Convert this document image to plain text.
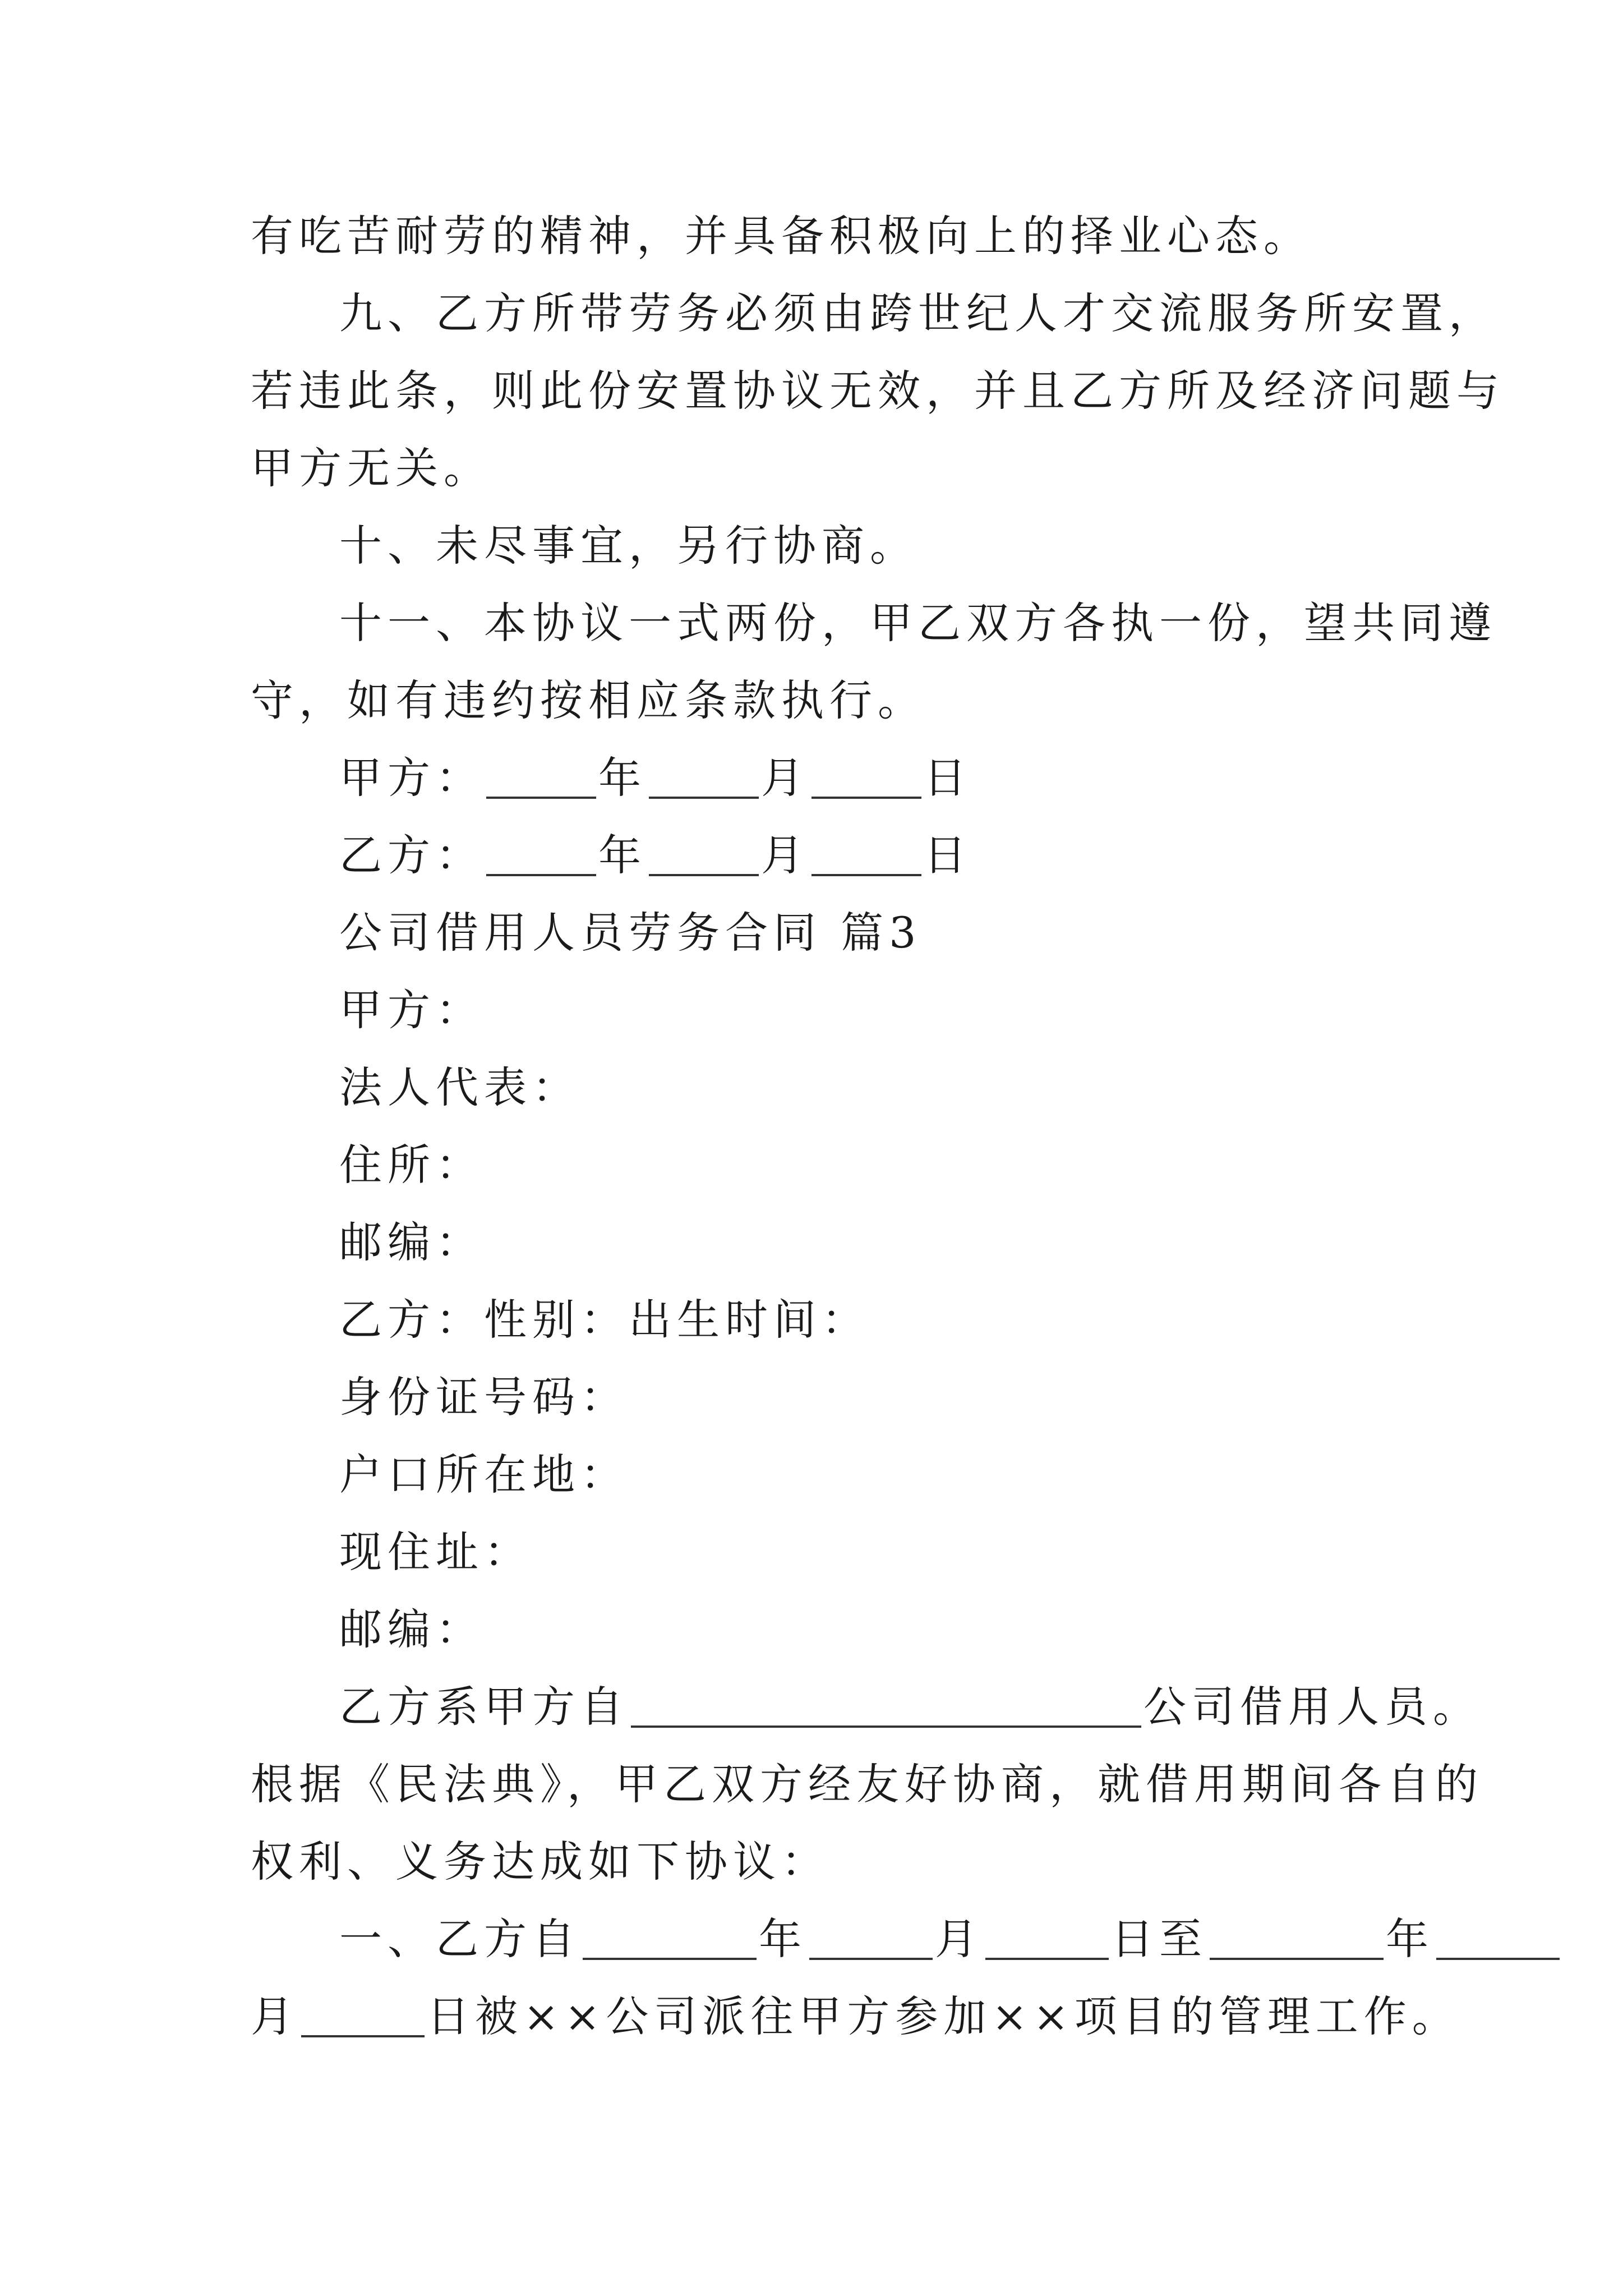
有吃苦耐劳的精神，并具备积极向上的择业心态。
九、乙方所带劳务必须由跨世纪人才交流服务所安置，
若违此条，则此份安置协议无效，并且乙方所及经济问题与
甲方无关。
十、未尽事宜，另行协商。
十一、本协议一式两份，甲乙双方各执一份，望共同遵
守，如有违约按相应条款执行。
甲方：	年	月	日
乙方：	年	月	日
公司借用人员劳务合同 篇3
甲方：
法人代表：
住所：
邮编：
乙方：性别：出生时间：
身份证号码：
户口所在地：
现住址：
邮编：
乙方系甲方自	公司借用人员。
根据《民法典》，甲乙双方经友好协商，就借用期间各自的
权利、义务达成如下协议：
一、乙方自	年	月	日至	年
月	日被××公司派往甲方参加××项目的管理工作。
